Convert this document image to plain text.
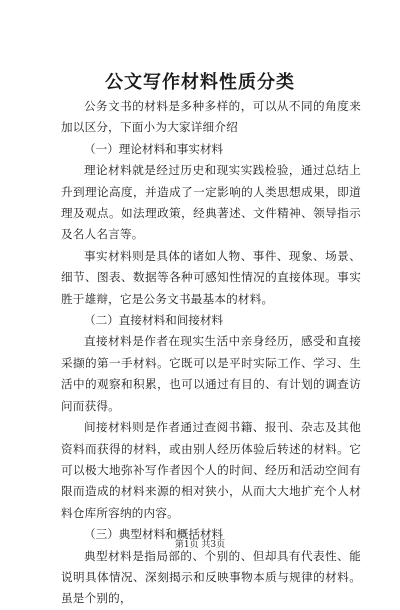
公文写作材料性质分类

公务文书的材料是多种多样的，可以从不同的角度来加以区分，下面小为大家详细介绍

（一）理论材料和事实材料

理论材料就是经过历史和现实实践检验，通过总结上升到理论高度，并造成了一定影响的人类思想成果，即道理及观点。如法理政策，经典著述、文件精神、领导指示及名人名言等。

事实材料则是具体的诸如人物、事件、现象、场景、细节、图表、数据等各种可感知性情况的直接体现。事实胜于雄辩，它是公务文书最基本的材料。

（二）直接材料和间接材料

直接材料是作者在现实生活中亲身经历，感受和直接采撷的第一手材料。它既可以是平时实际工作、学习、生活中的观察和积累，也可以通过有目的、有计划的调查访问而获得。

间接材料则是作者通过查阅书籍、报刊、杂志及其他资料而获得的材料，或由别人经历体验后转述的材料。它可以极大地弥补写作者因个人的时间、经历和活动空间有限而造成的材料来源的相对狭小，从而大大地扩充个人材料仓库所容纳的内容。

（三）典型材料和概括材料

典型材料是指局部的、个别的、但却具有代表性、能说明具体情况、深刻揭示和反映事物本质与规律的材料。虽是个别的，

第1页 共3页
